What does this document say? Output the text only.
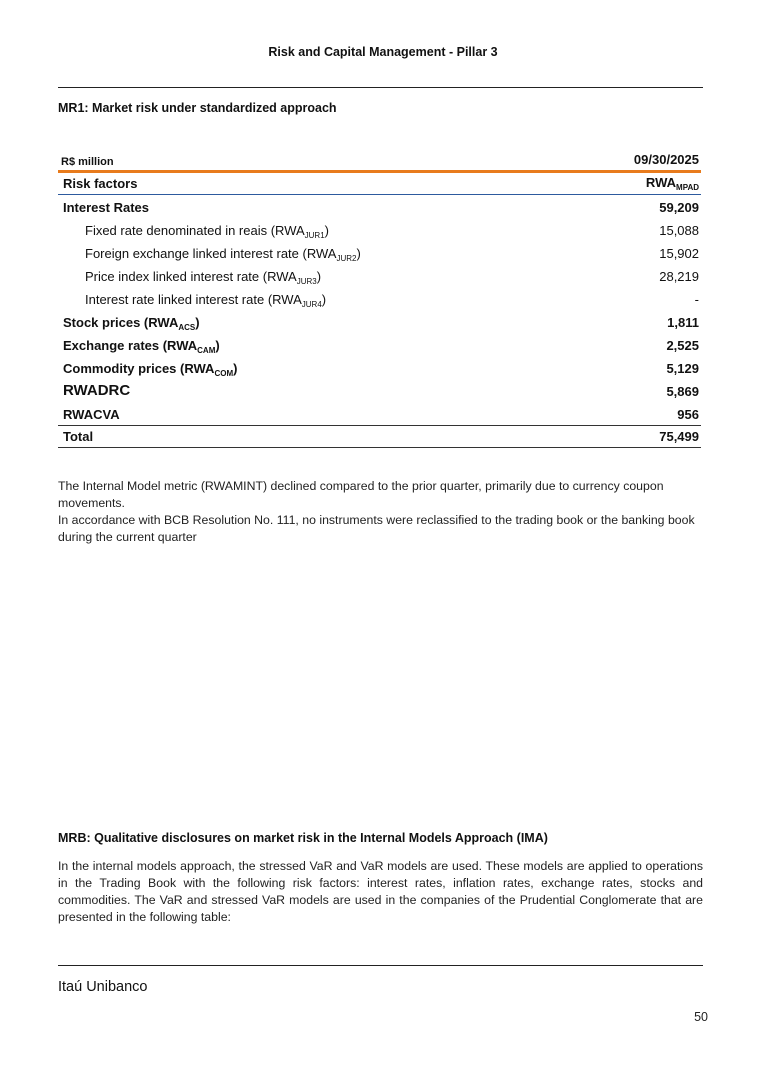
Risk and Capital Management - Pillar 3
MR1: Market risk under standardized approach
R$ million	09/30/2025
Risk factors	$RWA_{MPAD}$
Interest Rates	59,209
Fixed rate denominated in reais $(RWA_{JUR1})$	15,088
Foreign exchange linked interest rate $(RWA_{JUR2})$	15,902
Price index linked interest rate $(RWA_{JUR3})$	28,219
Interest rate linked interest rate $(RWA_{JUR4})$	-
Stock prices $(RWA_{ACS})$	1,811
Exchange rates $(RWA_{CAM})$	2,525
Commodity prices $(RWA_{COM})$	5,129
RWADRC	5,869
RWACVA	956
Total	75,499

The Internal Model metric (RWAMINT) declined compared to the prior quarter, primarily due to currency coupon movements.

In accordance with BCB Resolution No. 111, no instruments were reclassified to the trading book or the banking book during the current quarter

MRB: Qualitative disclosures on market risk in the Internal Models Approach (IMA)

In the internal models approach, the stressed VaR and VaR models are used. These models are applied to operations in the Trading Book with the following risk factors: interest rates, inflation rates, exchange rates, stocks and commodities. The VaR and stressed VaR models are used in the companies of the Prudential Conglomerate that are presented in the following table:

Itaú Unibanco
50
